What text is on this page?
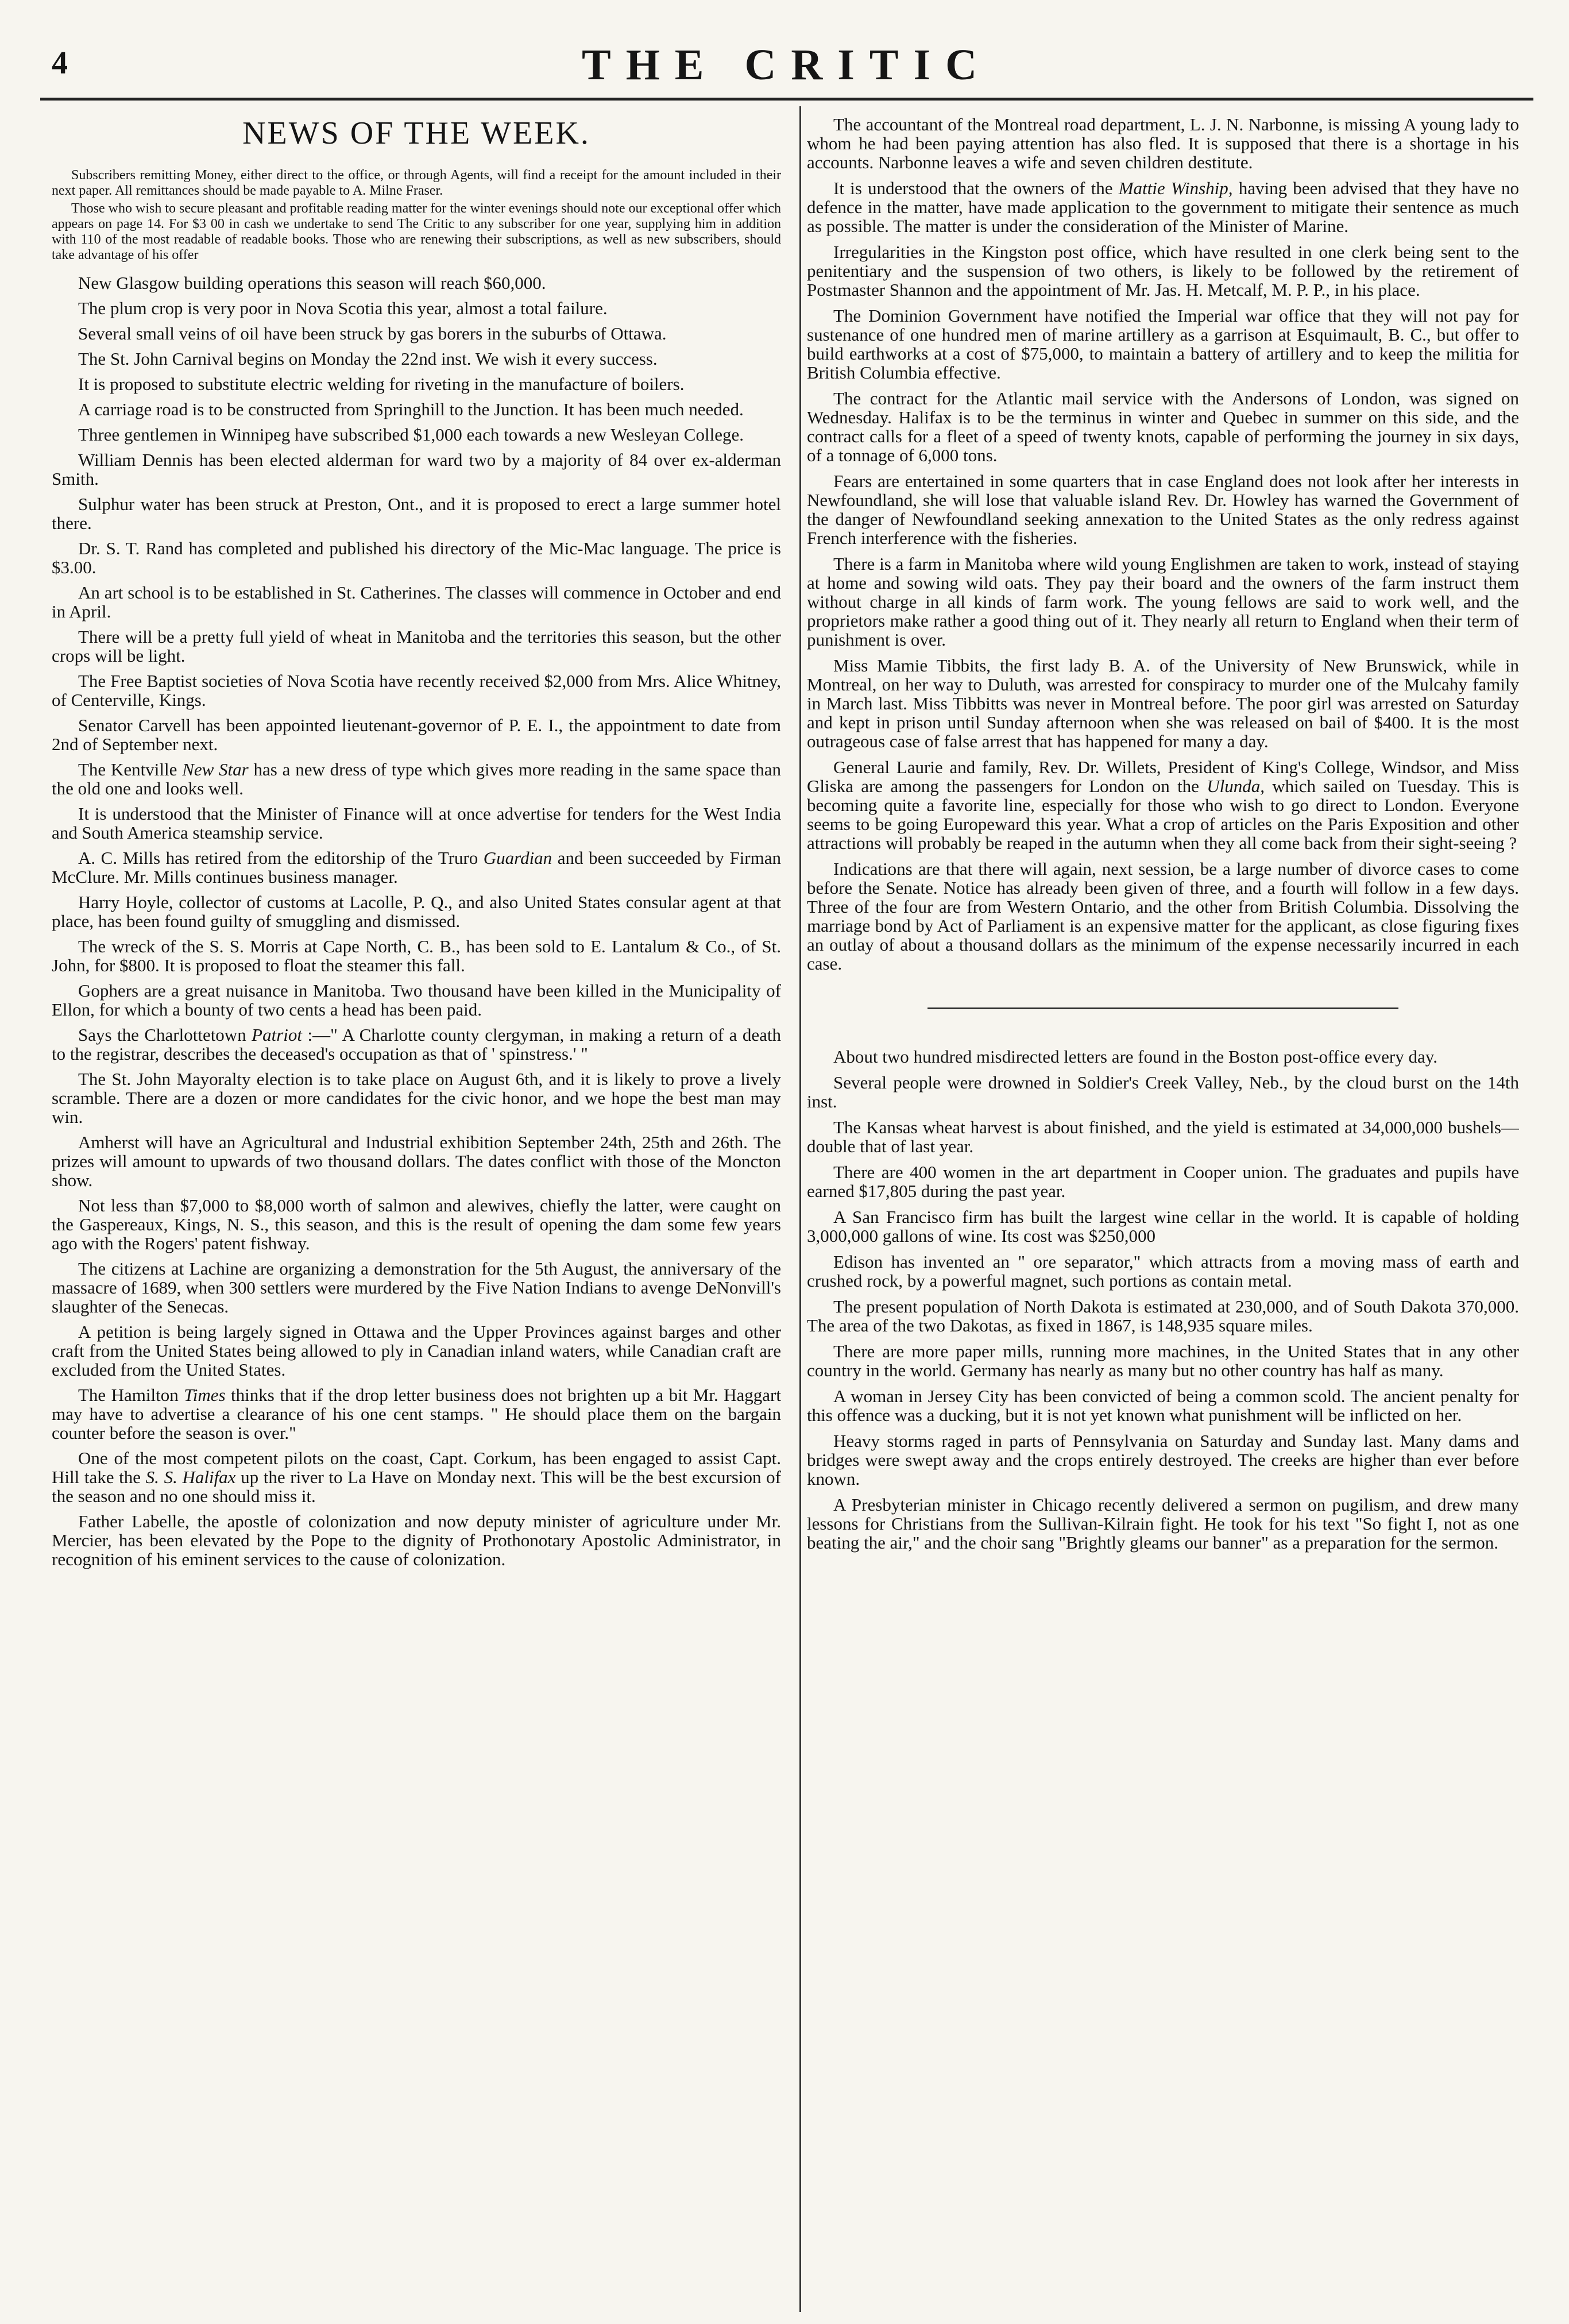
4	THE CRITIC
NEWS OF THE WEEK.

Subscribers remitting Money, either direct to the office, or through Agents, will find a receipt for the amount included in their next paper. All remittances should be made payable to A. Milne Fraser.

Those who wish to secure pleasant and profitable reading matter for the winter evenings should note our exceptional offer which appears on page 14. For $3 00 in cash we undertake to send The Critic to any subscriber for one year, supplying him in addition with 110 of the most readable of readable books. Those who are renewing their subscriptions, as well as new subscribers, should take advantage of his offer

New Glasgow building operations this season will reach $60,000.

The plum crop is very poor in Nova Scotia this year, almost a total failure.

Several small veins of oil have been struck by gas borers in the suburbs of Ottawa.

The St. John Carnival begins on Monday the 22nd inst. We wish it every success.

It is proposed to substitute electric welding for riveting in the manufacture of boilers.

A carriage road is to be constructed from Springhill to the Junction. It has been much needed.

Three gentlemen in Winnipeg have subscribed $1,000 each towards a new Wesleyan College.

William Dennis has been elected alderman for ward two by a majority of 84 over ex-alderman Smith.

Sulphur water has been struck at Preston, Ont., and it is proposed to erect a large summer hotel there.

Dr. S. T. Rand has completed and published his directory of the Mic-Mac language. The price is $3.00.

An art school is to be established in St. Catherines. The classes will commence in October and end in April.

There will be a pretty full yield of wheat in Manitoba and the territories this season, but the other crops will be light.

The Free Baptist societies of Nova Scotia have recently received $2,000 from Mrs. Alice Whitney, of Centerville, Kings.

Senator Carvell has been appointed lieutenant-governor of P. E. I., the appointment to date from 2nd of September next.

The Kentville New Star has a new dress of type which gives more reading in the same space than the old one and looks well.

It is understood that the Minister of Finance will at once advertise for tenders for the West India and South America steamship service.

A. C. Mills has retired from the editorship of the Truro Guardian and been succeeded by Firman McClure. Mr. Mills continues business manager.

Harry Hoyle, collector of customs at Lacolle, P. Q., and also United States consular agent at that place, has been found guilty of smuggling and dismissed.

The wreck of the S. S. Morris at Cape North, C. B., has been sold to E. Lantalum & Co., of St. John, for $800. It is proposed to float the steamer this fall.

Gophers are a great nuisance in Manitoba. Two thousand have been killed in the Municipality of Ellon, for which a bounty of two cents a head has been paid.

Says the Charlottetown Patriot :—" A Charlotte county clergyman, in making a return of a death to the registrar, describes the deceased's occupation as that of ' spinstress.' "

The St. John Mayoralty election is to take place on August 6th, and it is likely to prove a lively scramble. There are a dozen or more candidates for the civic honor, and we hope the best man may win.

Amherst will have an Agricultural and Industrial exhibition September 24th, 25th and 26th. The prizes will amount to upwards of two thousand dollars. The dates conflict with those of the Moncton show.

Not less than $7,000 to $8,000 worth of salmon and alewives, chiefly the latter, were caught on the Gaspereaux, Kings, N. S., this season, and this is the result of opening the dam some few years ago with the Rogers' patent fishway.

The citizens at Lachine are organizing a demonstration for the 5th August, the anniversary of the massacre of 1689, when 300 settlers were murdered by the Five Nation Indians to avenge DeNonvill's slaughter of the Senecas.

A petition is being largely signed in Ottawa and the Upper Provinces against barges and other craft from the United States being allowed to ply in Canadian inland waters, while Canadian craft are excluded from the United States.

The Hamilton Times thinks that if the drop letter business does not brighten up a bit Mr. Haggart may have to advertise a clearance of his one cent stamps. " He should place them on the bargain counter before the season is over."

One of the most competent pilots on the coast, Capt. Corkum, has been engaged to assist Capt. Hill take the S. S. Halifax up the river to La Have on Monday next. This will be the best excursion of the season and no one should miss it.

Father Labelle, the apostle of colonization and now deputy minister of agriculture under Mr. Mercier, has been elevated by the Pope to the dignity of Prothonotary Apostolic Administrator, in recognition of his eminent services to the cause of colonization.

The accountant of the Montreal road department, L. J. N. Narbonne, is missing A young lady to whom he had been paying attention has also fled. It is supposed that there is a shortage in his accounts. Narbonne leaves a wife and seven children destitute.

It is understood that the owners of the Mattie Winship, having been advised that they have no defence in the matter, have made application to the government to mitigate their sentence as much as possible. The matter is under the consideration of the Minister of Marine.

Irregularities in the Kingston post office, which have resulted in one clerk being sent to the penitentiary and the suspension of two others, is likely to be followed by the retirement of Postmaster Shannon and the appointment of Mr. Jas. H. Metcalf, M. P. P., in his place.

The Dominion Government have notified the Imperial war office that they will not pay for sustenance of one hundred men of marine artillery as a garrison at Esquimault, B. C., but offer to build earthworks at a cost of $75,000, to maintain a battery of artillery and to keep the militia for British Columbia effective.

The contract for the Atlantic mail service with the Andersons of London, was signed on Wednesday. Halifax is to be the terminus in winter and Quebec in summer on this side, and the contract calls for a fleet of a speed of twenty knots, capable of performing the journey in six days, of a tonnage of 6,000 tons.

Fears are entertained in some quarters that in case England does not look after her interests in Newfoundland, she will lose that valuable island Rev. Dr. Howley has warned the Government of the danger of Newfoundland seeking annexation to the United States as the only redress against French interference with the fisheries.

There is a farm in Manitoba where wild young Englishmen are taken to work, instead of staying at home and sowing wild oats. They pay their board and the owners of the farm instruct them without charge in all kinds of farm work. The young fellows are said to work well, and the proprietors make rather a good thing out of it. They nearly all return to England when their term of punishment is over.

Miss Mamie Tibbits, the first lady B. A. of the University of New Brunswick, while in Montreal, on her way to Duluth, was arrested for conspiracy to murder one of the Mulcahy family in March last. Miss Tibbitts was never in Montreal before. The poor girl was arrested on Saturday and kept in prison until Sunday afternoon when she was released on bail of $400. It is the most outrageous case of false arrest that has happened for many a day.

General Laurie and family, Rev. Dr. Willets, President of King's College, Windsor, and Miss Gliska are among the passengers for London on the Ulunda, which sailed on Tuesday. This is becoming quite a favorite line, especially for those who wish to go direct to London. Everyone seems to be going Europeward this year. What a crop of articles on the Paris Exposition and other attractions will probably be reaped in the autumn when they all come back from their sight-seeing ?

Indications are that there will again, next session, be a large number of divorce cases to come before the Senate. Notice has already been given of three, and a fourth will follow in a few days. Three of the four are from Western Ontario, and the other from British Columbia. Dissolving the marriage bond by Act of Parliament is an expensive matter for the applicant, as close figuring fixes an outlay of about a thousand dollars as the minimum of the expense necessarily incurred in each case.

About two hundred misdirected letters are found in the Boston post-office every day.

Several people were drowned in Soldier's Creek Valley, Neb., by the cloud burst on the 14th inst.

The Kansas wheat harvest is about finished, and the yield is estimated at 34,000,000 bushels—double that of last year.

There are 400 women in the art department in Cooper union. The graduates and pupils have earned $17,805 during the past year.

A San Francisco firm has built the largest wine cellar in the world. It is capable of holding 3,000,000 gallons of wine. Its cost was $250,000

Edison has invented an " ore separator," which attracts from a moving mass of earth and crushed rock, by a powerful magnet, such portions as contain metal.

The present population of North Dakota is estimated at 230,000, and of South Dakota 370,000. The area of the two Dakotas, as fixed in 1867, is 148,935 square miles.

There are more paper mills, running more machines, in the United States that in any other country in the world. Germany has nearly as many but no other country has half as many.

A woman in Jersey City has been convicted of being a common scold. The ancient penalty for this offence was a ducking, but it is not yet known what punishment will be inflicted on her.

Heavy storms raged in parts of Pennsylvania on Saturday and Sunday last. Many dams and bridges were swept away and the crops entirely destroyed. The creeks are higher than ever before known.

A Presbyterian minister in Chicago recently delivered a sermon on pugilism, and drew many lessons for Christians from the Sullivan-Kilrain fight. He took for his text "So fight I, not as one beating the air," and the choir sang "Brightly gleams our banner" as a preparation for the sermon.
